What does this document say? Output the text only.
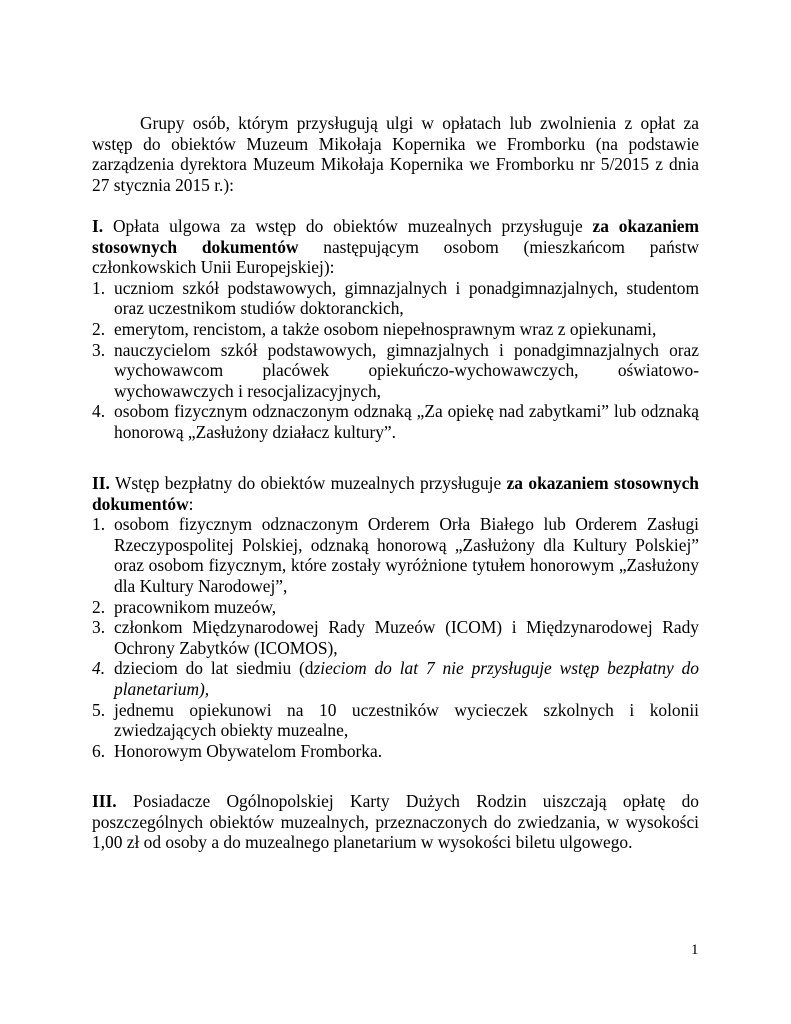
Grupy osób, którym przysługują ulgi w opłatach lub zwolnienia z opłat za wstęp do obiektów Muzeum Mikołaja Kopernika we Fromborku (na podstawie zarządzenia dyrektora Muzeum Mikołaja Kopernika we Fromborku nr 5/2015 z dnia 27 stycznia 2015 r.):

I. Opłata ulgowa za wstęp do obiektów muzealnych przysługuje za okazaniem stosownych dokumentów następującym osobom (mieszkańcom państw członkowskich Unii Europejskiej):

1. uczniom szkół podstawowych, gimnazjalnych i ponadgimnazjalnych, studentom oraz uczestnikom studiów doktoranckich,
2. emerytom, rencistom, a także osobom niepełnosprawnym wraz z opiekunami,
3. nauczycielom szkół podstawowych, gimnazjalnych i ponadgimnazjalnych oraz wychowawcom placówek opiekuńczo-wychowawczych, oświatowo-wychowawczych i resocjalizacyjnych,
4. osobom fizycznym odznaczonym odznaką „Za opiekę nad zabytkami” lub odznaką honorową „Zasłużony działacz kultury”.

II. Wstęp bezpłatny do obiektów muzealnych przysługuje za okazaniem stosownych dokumentów:

1. osobom fizycznym odznaczonym Orderem Orła Białego lub Orderem Zasługi Rzeczypospolitej Polskiej, odznaką honorową „Zasłużony dla Kultury Polskiej” oraz osobom fizycznym, które zostały wyróżnione tytułem honorowym „Zasłużony dla Kultury Narodowej”,
2. pracownikom muzeów,
3. członkom Międzynarodowej Rady Muzeów (ICOM) i Międzynarodowej Rady Ochrony Zabytków (ICOMOS),
4. dzieciom do lat siedmiu (dzieciom do lat 7 nie przysługuje wstęp bezpłatny do planetarium),
5. jednemu opiekunowi na 10 uczestników wycieczek szkolnych i kolonii zwiedzających obiekty muzealne,
6. Honorowym Obywatelom Fromborka.

III. Posiadacze Ogólnopolskiej Karty Dużych Rodzin uiszczają opłatę do poszczególnych obiektów muzealnych, przeznaczonych do zwiedzania, w wysokości 1,00 zł od osoby a do muzealnego planetarium w wysokości biletu ulgowego.

1
